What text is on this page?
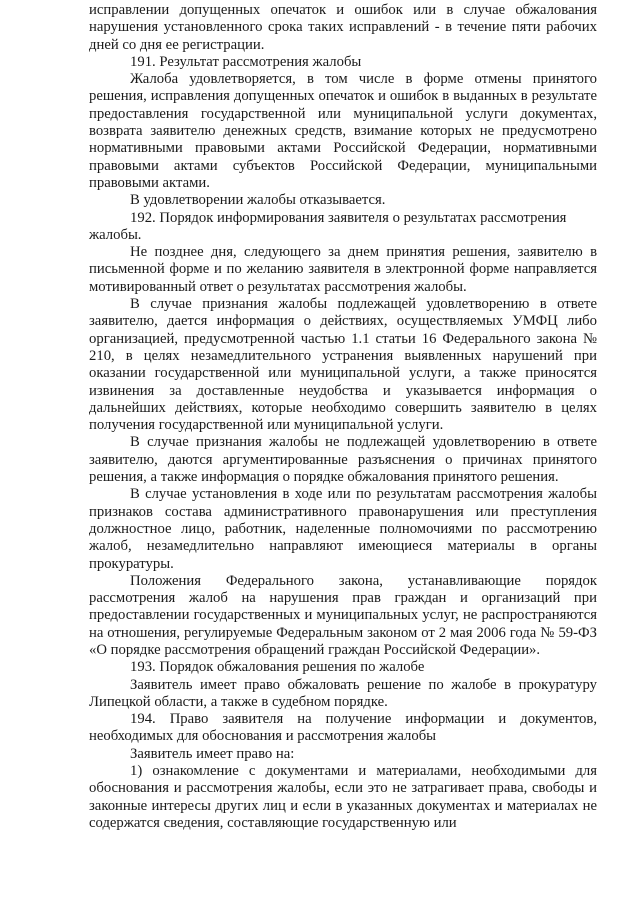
исправлении допущенных опечаток и ошибок или в случае обжалования нарушения установленного срока таких исправлений - в течение пяти рабочих дней со дня ее регистрации.

191. Результат рассмотрения жалобы

Жалоба удовлетворяется, в том числе в форме отмены принятого решения, исправления допущенных опечаток и ошибок в выданных в результате предоставления государственной или муниципальной услуги документах, возврата заявителю денежных средств, взимание которых не предусмотрено нормативными правовыми актами Российской Федерации, нормативными правовыми актами субъектов Российской Федерации, муниципальными правовыми актами.

В удовлетворении жалобы отказывается.

192. Порядок информирования заявителя о результатах рассмотрения жалобы.

Не позднее дня, следующего за днем принятия решения, заявителю в письменной форме и по желанию заявителя в электронной форме направляется мотивированный ответ о результатах рассмотрения жалобы.

В случае признания жалобы подлежащей удовлетворению в ответе заявителю, дается информация о действиях, осуществляемых УМФЦ либо организацией, предусмотренной частью 1.1 статьи 16 Федерального закона № 210, в целях незамедлительного устранения выявленных нарушений при оказании государственной или муниципальной услуги, а также приносятся извинения за доставленные неудобства и указывается информация о дальнейших действиях, которые необходимо совершить заявителю в целях получения государственной или муниципальной услуги.

В случае признания жалобы не подлежащей удовлетворению в ответе заявителю, даются аргументированные разъяснения о причинах принятого решения, а также информация о порядке обжалования принятого решения.

В случае установления в ходе или по результатам рассмотрения жалобы признаков состава административного правонарушения или преступления должностное лицо, работник, наделенные полномочиями по рассмотрению жалоб, незамедлительно направляют имеющиеся материалы в органы прокуратуры.

Положения Федерального закона, устанавливающие порядок рассмотрения жалоб на нарушения прав граждан и организаций при предоставлении государственных и муниципальных услуг, не распространяются на отношения, регулируемые Федеральным законом от 2 мая 2006 года № 59-ФЗ «О порядке рассмотрения обращений граждан Российской Федерации».

193. Порядок обжалования решения по жалобе

Заявитель имеет право обжаловать решение по жалобе в прокуратуру Липецкой области, а также в судебном порядке.

194. Право заявителя на получение информации и документов, необходимых для обоснования и рассмотрения жалобы

Заявитель имеет право на:

1) ознакомление с документами и материалами, необходимыми для обоснования и рассмотрения жалобы, если это не затрагивает права, свободы и законные интересы других лиц и если в указанных документах и материалах не содержатся сведения, составляющие государственную или
